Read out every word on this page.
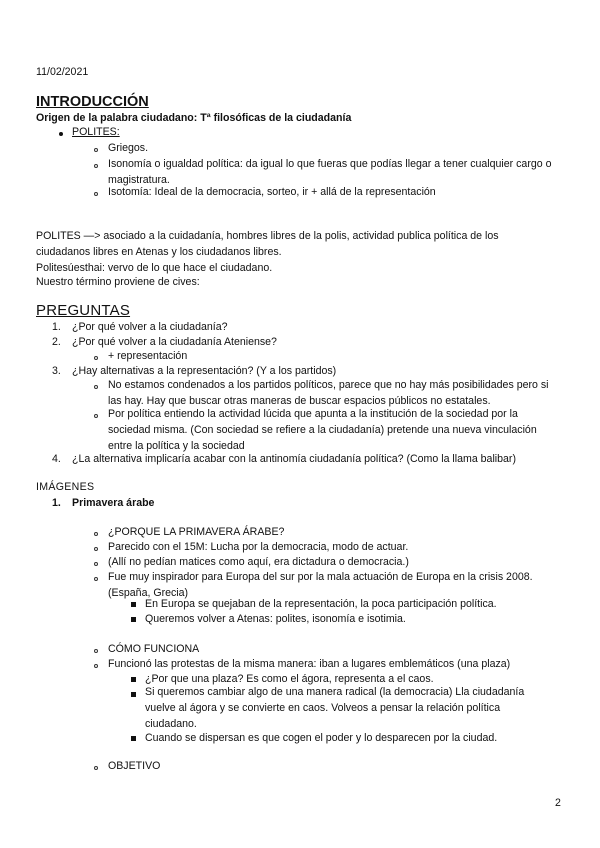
11/02/2021
INTRODUCCIÓN
Origen de la palabra ciudadano: Tª filosóficas de la ciudadanía
POLITES:
Griegos.
Isonomía o igualdad política: da igual lo que fueras que podías llegar a tener cualquier cargo o magistratura.
Isotomía: Ideal de la democracia, sorteo, ir + allá de la representación
POLITES —> asociado a la cuidadanía, hombres libres de la polis, actividad publica política de los ciudadanos libres en Atenas y los ciudadanos libres.
Politesúesthai: vervo de lo que hace el ciudadano.
Nuestro término proviene de cives:
PREGUNTAS
1. ¿Por qué volver a la ciudadanía?
2. ¿Por qué volver a la ciudadanía Ateniense?
+ representación
3. ¿Hay alternativas a la representación? (Y a los partidos)
No estamos condenados a los partidos políticos, parece que no hay más posibilidades pero si las hay. Hay que buscar otras maneras de buscar espacios públicos no estatales.
Por política entiendo la actividad lúcida que apunta a la institución de la sociedad por la sociedad misma. (Con sociedad se refiere a la ciudadanía) pretende una nueva vinculación entre la política y la sociedad
4. ¿La alternativa implicaría acabar con la antinomía ciudadanía política? (Como la llama balibar)
IMÁGENES
1. Primavera árabe
¿PORQUE LA PRIMAVERA ÁRABE?
Parecido con el 15M: Lucha por la democracia, modo de actuar.
(Allí no pedían matices como aquí, era dictadura o democracia.)
Fue muy inspirador para Europa del sur por la mala actuación de Europa en la crisis 2008. (España, Grecia)
En Europa se quejaban de la representación, la poca participación política.
Queremos volver a Atenas: polites, isonomía e isotimia.
CÓMO FUNCIONA
Funcionó las protestas de la misma manera: iban a lugares emblemáticos (una plaza)
¿Por que una plaza? Es como el ágora, representa a el caos.
Si queremos cambiar algo de una manera radical (la democracia) Lla ciudadanía vuelve al ágora y se convierte en caos. Volveos a pensar la relación política ciudadano.
Cuando se dispersan es que cogen el poder y lo desparecen por la ciudad.
OBJETIVO
2
